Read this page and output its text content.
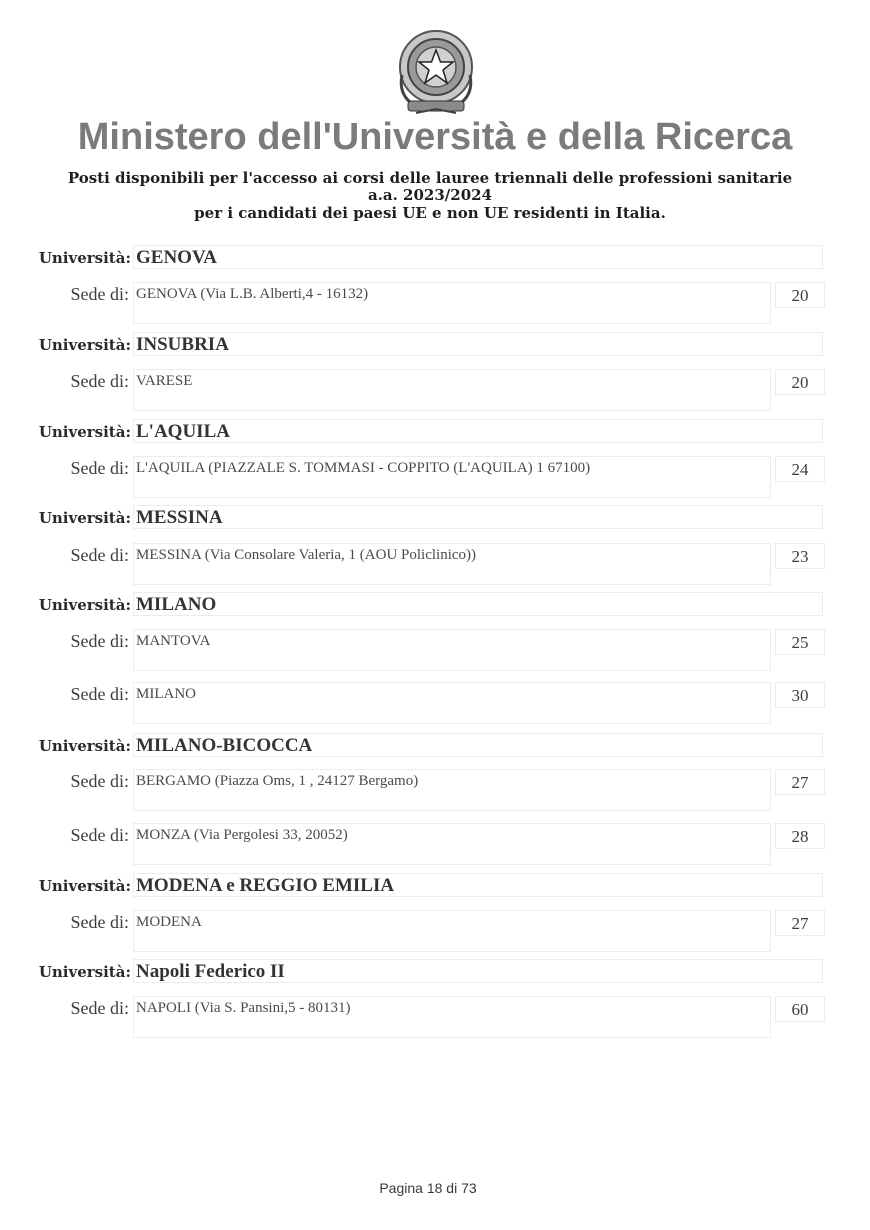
Ministero dell'Università e della Ricerca
Posti disponibili per l'accesso ai corsi delle lauree triennali delle professioni sanitarie
a.a. 2023/2024
per i candidati dei paesi UE e non UE residenti in Italia.
Università: GENOVA
Sede di: GENOVA (Via L.B. Alberti,4 - 16132)	20
Università: INSUBRIA
Sede di: VARESE	20
Università: L'AQUILA
Sede di: L'AQUILA (PIAZZALE S. TOMMASI - COPPITO (L'AQUILA) 1 67100)	24
Università: MESSINA
Sede di: MESSINA (Via Consolare Valeria, 1 (AOU Policlinico))	23
Università: MILANO
Sede di: MANTOVA	25
Sede di: MILANO	30
Università: MILANO-BICOCCA
Sede di: BERGAMO (Piazza Oms, 1 , 24127 Bergamo)	27
Sede di: MONZA (Via Pergolesi 33, 20052)	28
Università: MODENA e REGGIO EMILIA
Sede di: MODENA	27
Università: Napoli Federico II
Sede di: NAPOLI (Via S. Pansini,5 - 80131)	60
Pagina 18 di 73
